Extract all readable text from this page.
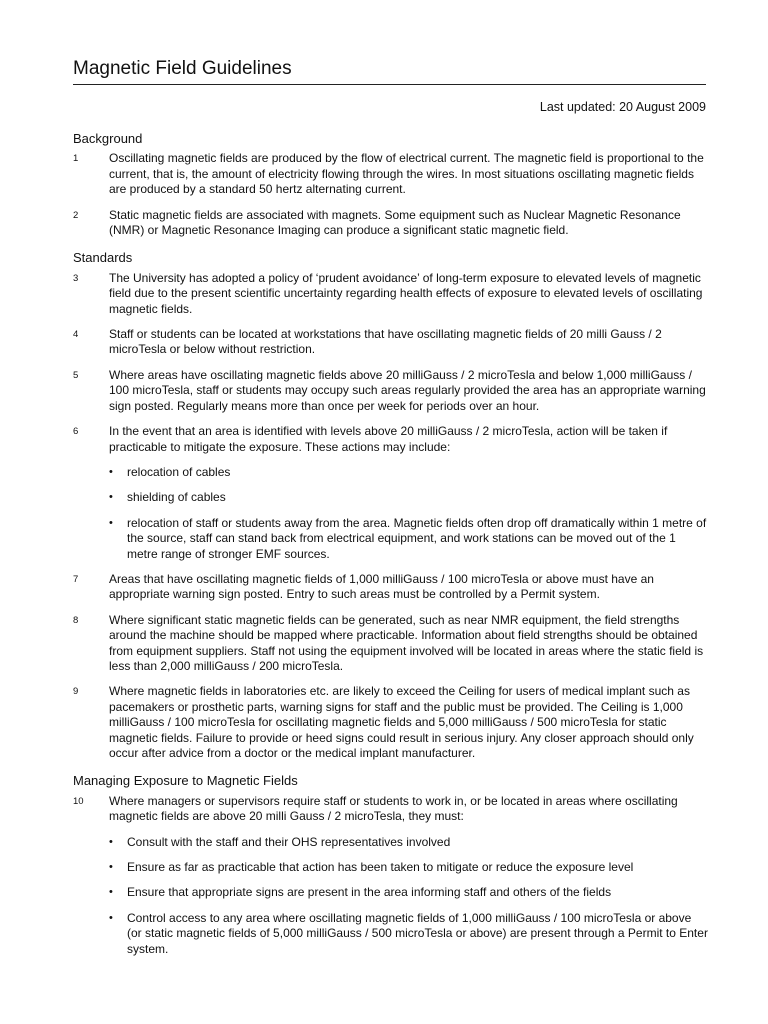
Magnetic Field Guidelines
Last updated: 20 August 2009
Background
1	Oscillating magnetic fields are produced by the flow of electrical current. The magnetic field is proportional to the current, that is, the amount of electricity flowing through the wires. In most situations oscillating magnetic fields are produced by a standard 50 hertz alternating current.
2	Static magnetic fields are associated with magnets. Some equipment such as Nuclear Magnetic Resonance (NMR) or Magnetic Resonance Imaging can produce a significant static magnetic field.
Standards
3	The University has adopted a policy of ‘prudent avoidance’ of long-term exposure to elevated levels of magnetic field due to the present scientific uncertainty regarding health effects of exposure to elevated levels of oscillating magnetic fields.
4	Staff or students can be located at workstations that have oscillating magnetic fields of 20 milli Gauss / 2 microTesla or below without restriction.
5	Where areas have oscillating magnetic fields above 20 milliGauss / 2 microTesla and below 1,000 milliGauss / 100 microTesla, staff or students may occupy such areas regularly provided the area has an appropriate warning sign posted. Regularly means more than once per week for periods over an hour.
6	In the event that an area is identified with levels above 20 milliGauss / 2 microTesla, action will be taken if practicable to mitigate the exposure. These actions may include:
•	relocation of cables
•	shielding of cables
•	relocation of staff or students away from the area. Magnetic fields often drop off dramatically within 1 metre of the source, staff can stand back from electrical equipment, and work stations can be moved out of the 1 metre range of stronger EMF sources.
7	Areas that have oscillating magnetic fields of 1,000 milliGauss / 100 microTesla or above must have an appropriate warning sign posted. Entry to such areas must be controlled by a Permit system.
8	Where significant static magnetic fields can be generated, such as near NMR equipment, the field strengths around the machine should be mapped where practicable. Information about field strengths should be obtained from equipment suppliers. Staff not using the equipment involved will be located in areas where the static field is less than 2,000 milliGauss / 200 microTesla.
9	Where magnetic fields in laboratories etc. are likely to exceed the Ceiling for users of medical implant such as pacemakers or prosthetic parts, warning signs for staff and the public must be provided. The Ceiling is 1,000 milliGauss / 100 microTesla for oscillating magnetic fields and 5,000 milliGauss / 500 microTesla for static magnetic fields. Failure to provide or heed signs could result in serious injury. Any closer approach should only occur after advice from a doctor or the medical implant manufacturer.
Managing Exposure to Magnetic Fields
10	Where managers or supervisors require staff or students to work in, or be located in areas where oscillating magnetic fields are above 20 milli Gauss / 2 microTesla, they must:
•	Consult with the staff and their OHS representatives involved
•	Ensure as far as practicable that action has been taken to mitigate or reduce the exposure level
•	Ensure that appropriate signs are present in the area informing staff and others of the fields
•	Control access to any area where oscillating magnetic fields of 1,000 milliGauss / 100 microTesla or above (or static magnetic fields of 5,000 milliGauss / 500 microTesla or above) are present through a Permit to Enter system.
